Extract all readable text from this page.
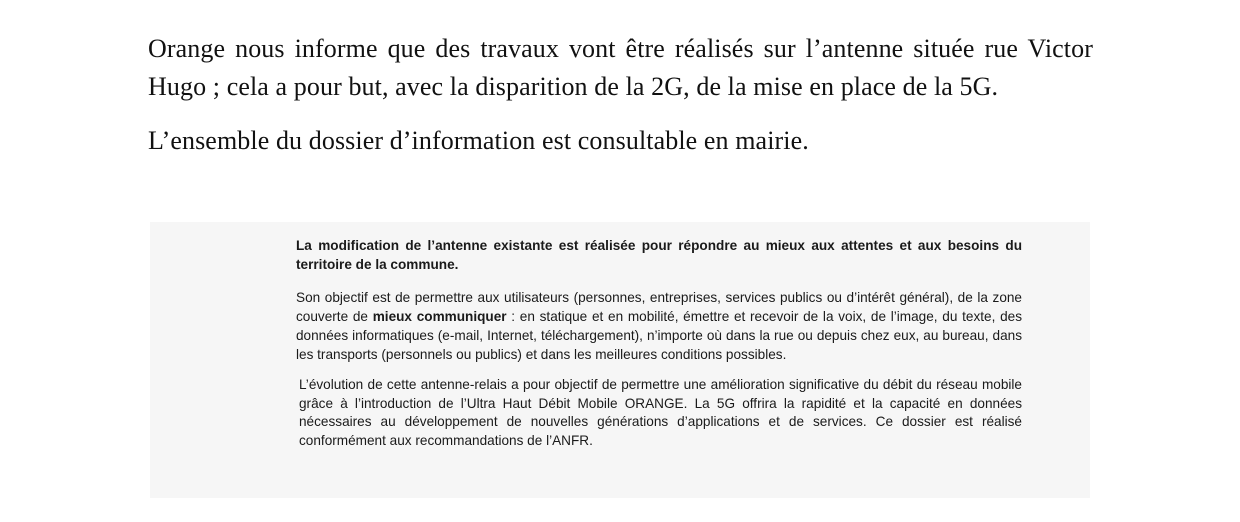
Orange nous informe que des travaux vont être réalisés sur l’antenne située rue Victor Hugo ; cela a pour but, avec la disparition de la 2G, de la mise en place de la 5G.

L’ensemble du dossier d’information est consultable en mairie.

La modification de l’antenne existante est réalisée pour répondre au mieux aux attentes et aux besoins du territoire de la commune.

Son objectif est de permettre aux utilisateurs (personnes, entreprises, services publics ou d’intérêt général), de la zone couverte de mieux communiquer : en statique et en mobilité, émettre et recevoir de la voix, de l’image, du texte, des données informatiques (e-mail, Internet, téléchargement), n’importe où dans la rue ou depuis chez eux, au bureau, dans les transports (personnels ou publics) et dans les meilleures conditions possibles.

L’évolution de cette antenne-relais a pour objectif de permettre une amélioration significative du débit du réseau mobile grâce à l’introduction de l’Ultra Haut Débit Mobile ORANGE. La 5G offrira la rapidité et la capacité en données nécessaires au développement de nouvelles générations d’applications et de services. Ce dossier est réalisé conformément aux recommandations de l’ANFR.
